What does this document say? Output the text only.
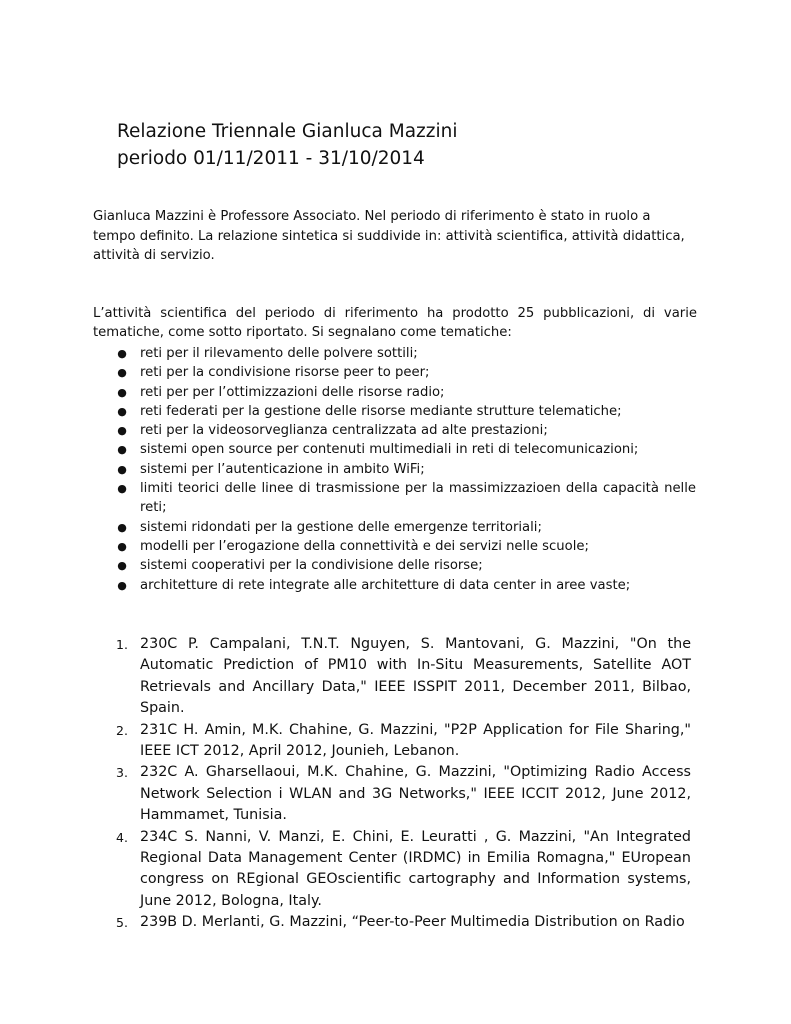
Relazione Triennale Gianluca Mazzini
periodo 01/11/2011 - 31/10/2014

Gianluca Mazzini è Professore Associato. Nel periodo di riferimento è stato in ruolo a tempo definito. La relazione sintetica si suddivide in: attività scientifica, attività didattica, attività di servizio.

L’attività scientifica del periodo di riferimento ha prodotto 25 pubblicazioni, di varie tematiche, come sotto riportato. Si segnalano come tematiche:

● reti per il rilevamento delle polvere sottili;
● reti per la condivisione risorse peer to peer;
● reti per per l’ottimizzazioni delle risorse radio;
● reti federati per la gestione delle risorse mediante strutture telematiche;
● reti per la videosorveglianza centralizzata ad alte prestazioni;
● sistemi open source per contenuti multimediali in reti di telecomunicazioni;
● sistemi per l’autenticazione in ambito WiFi;
● limiti teorici delle linee di trasmissione per la massimizzazioen della capacità nelle reti;
● sistemi ridondati per la gestione delle emergenze territoriali;
● modelli per l’erogazione della connettività e dei servizi nelle scuole;
● sistemi cooperativi per la condivisione delle risorse;
● architetture di rete integrate alle architetture di data center in aree vaste;
1. 230C P. Campalani, T.N.T. Nguyen, S. Mantovani, G. Mazzini, "On the Automatic Prediction of PM10 with In-Situ Measurements, Satellite AOT Retrievals and Ancillary Data," IEEE ISSPIT 2011, December 2011, Bilbao, Spain.
2. 231C H. Amin, M.K. Chahine, G. Mazzini, "P2P Application for File Sharing," IEEE ICT 2012, April 2012, Jounieh, Lebanon.
3. 232C A. Gharsellaoui, M.K. Chahine, G. Mazzini, "Optimizing Radio Access Network Selection i WLAN and 3G Networks," IEEE ICCIT 2012, June 2012, Hammamet, Tunisia.
4. 234C S. Nanni, V. Manzi, E. Chini, E. Leuratti , G. Mazzini, "An Integrated Regional Data Management Center (IRDMC) in Emilia Romagna," EUropean congress on REgional GEOscientific cartography and Information systems, June 2012, Bologna, Italy.
5. 239B D. Merlanti, G. Mazzini, “Peer-to-Peer Multimedia Distribution on Radio
